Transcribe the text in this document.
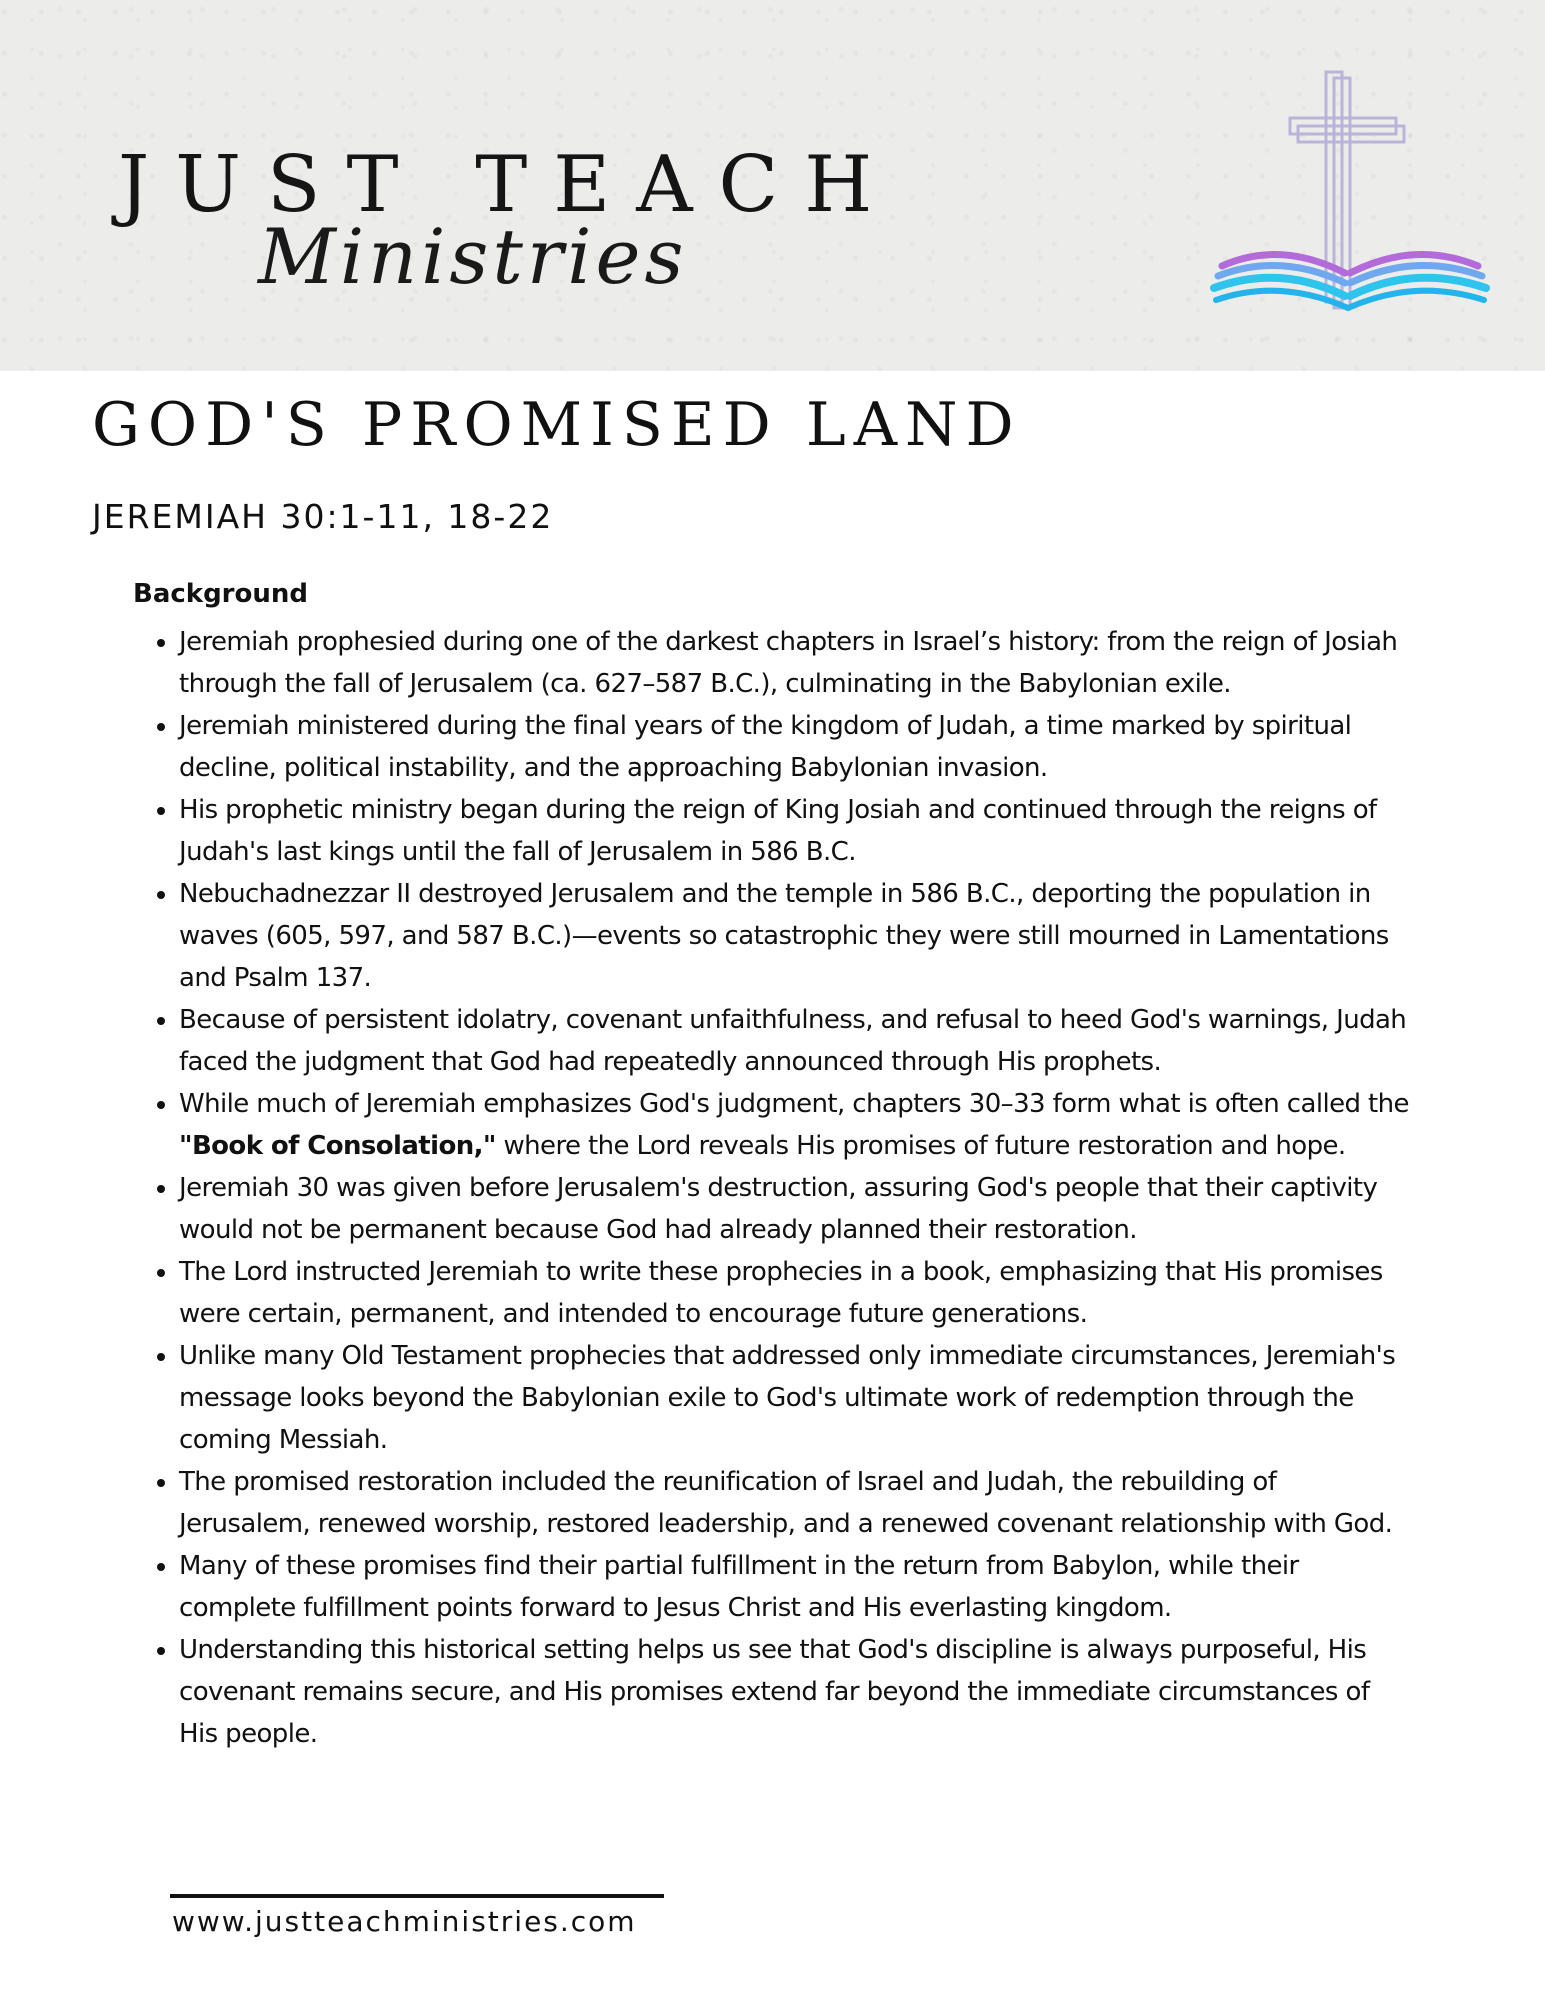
JUST TEACH
Ministries
GOD'S PROMISED LAND
JEREMIAH 30:1-11, 18-22
Background
• Jeremiah prophesied during one of the darkest chapters in Israel’s history: from the reign of Josiah through the fall of Jerusalem (ca. 627–587 B.C.), culminating in the Babylonian exile.
• Jeremiah ministered during the final years of the kingdom of Judah, a time marked by spiritual decline, political instability, and the approaching Babylonian invasion.
• His prophetic ministry began during the reign of King Josiah and continued through the reigns of Judah's last kings until the fall of Jerusalem in 586 B.C.
• Nebuchadnezzar II destroyed Jerusalem and the temple in 586 B.C., deporting the population in waves (605, 597, and 587 B.C.)—events so catastrophic they were still mourned in Lamentations and Psalm 137.
• Because of persistent idolatry, covenant unfaithfulness, and refusal to heed God's warnings, Judah faced the judgment that God had repeatedly announced through His prophets.
• While much of Jeremiah emphasizes God's judgment, chapters 30–33 form what is often called the "Book of Consolation," where the Lord reveals His promises of future restoration and hope.
• Jeremiah 30 was given before Jerusalem's destruction, assuring God's people that their captivity would not be permanent because God had already planned their restoration.
• The Lord instructed Jeremiah to write these prophecies in a book, emphasizing that His promises were certain, permanent, and intended to encourage future generations.
• Unlike many Old Testament prophecies that addressed only immediate circumstances, Jeremiah's message looks beyond the Babylonian exile to God's ultimate work of redemption through the coming Messiah.
• The promised restoration included the reunification of Israel and Judah, the rebuilding of Jerusalem, renewed worship, restored leadership, and a renewed covenant relationship with God.
• Many of these promises find their partial fulfillment in the return from Babylon, while their complete fulfillment points forward to Jesus Christ and His everlasting kingdom.
• Understanding this historical setting helps us see that God's discipline is always purposeful, His covenant remains secure, and His promises extend far beyond the immediate circumstances of His people.
www.justteachministries.com
